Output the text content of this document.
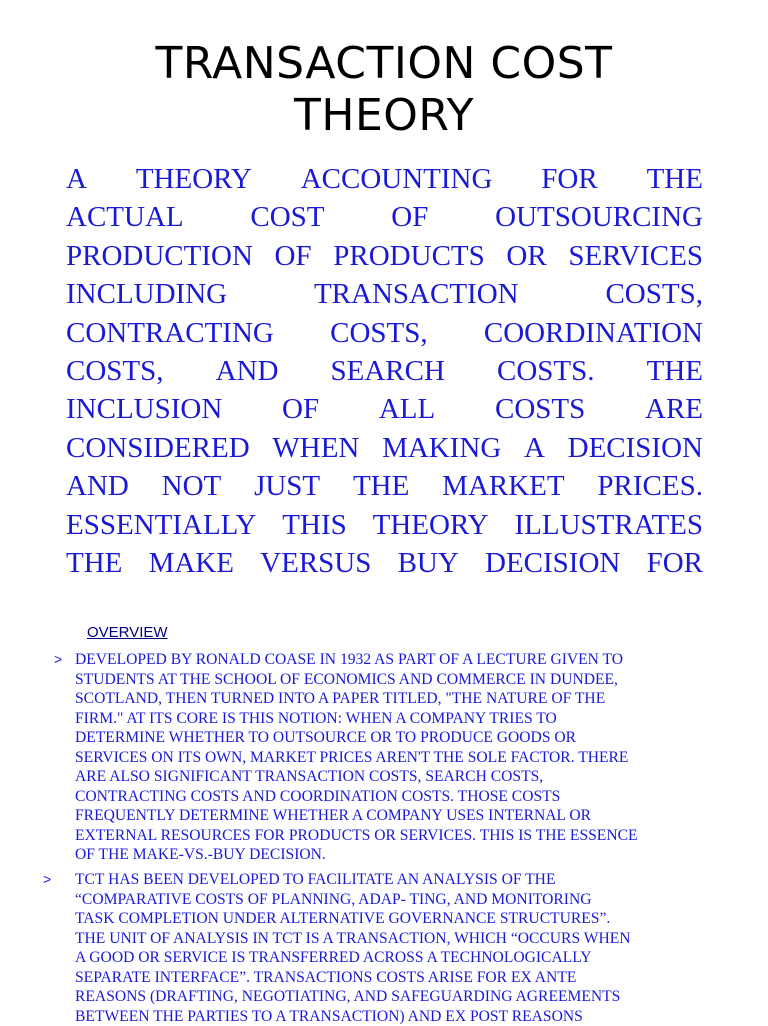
TRANSACTION COST
THEORY
A THEORY ACCOUNTING FOR THE
ACTUAL COST OF OUTSOURCING
PRODUCTION OF PRODUCTS OR SERVICES
INCLUDING	TRANSACTION	COSTS,
CONTRACTING COSTS, COORDINATION
COSTS, AND SEARCH COSTS. THE
INCLUSION OF ALL COSTS ARE
CONSIDERED WHEN MAKING A DECISION
AND NOT JUST THE MARKET PRICES.
ESSENTIALLY THIS THEORY ILLUSTRATES
THE MAKE VERSUS BUY DECISION FOR
OVERVIEW
> DEVELOPED BY RONALD COASE IN 1932 AS PART OF A LECTURE GIVEN TO
STUDENTS AT THE SCHOOL OF ECONOMICS AND COMMERCE IN DUNDEE,
SCOTLAND, THEN TURNED INTO A PAPER TITLED, "THE NATURE OF THE
FIRM." AT ITS CORE IS THIS NOTION: WHEN A COMPANY TRIES TO
DETERMINE WHETHER TO OUTSOURCE OR TO PRODUCE GOODS OR
SERVICES ON ITS OWN, MARKET PRICES AREN'T THE SOLE FACTOR. THERE
ARE ALSO SIGNIFICANT TRANSACTION COSTS, SEARCH COSTS,
CONTRACTING COSTS AND COORDINATION COSTS. THOSE COSTS
FREQUENTLY DETERMINE WHETHER A COMPANY USES INTERNAL OR
EXTERNAL RESOURCES FOR PRODUCTS OR SERVICES. THIS IS THE ESSENCE
OF THE MAKE-VS.-BUY DECISION.
> TCT HAS BEEN DEVELOPED TO FACILITATE AN ANALYSIS OF THE
“COMPARATIVE COSTS OF PLANNING, ADAP- TING, AND MONITORING
TASK COMPLETION UNDER ALTERNATIVE GOVERNANCE STRUCTURES”.
THE UNIT OF ANALYSIS IN TCT IS A TRANSACTION, WHICH “OCCURS WHEN
A GOOD OR SERVICE IS TRANSFERRED ACROSS A TECHNOLOGICALLY
SEPARATE INTERFACE”. TRANSACTIONS COSTS ARISE FOR EX ANTE
REASONS (DRAFTING, NEGOTIATING, AND SAFEGUARDING AGREEMENTS
BETWEEN THE PARTIES TO A TRANSACTION) AND EX POST REASONS
